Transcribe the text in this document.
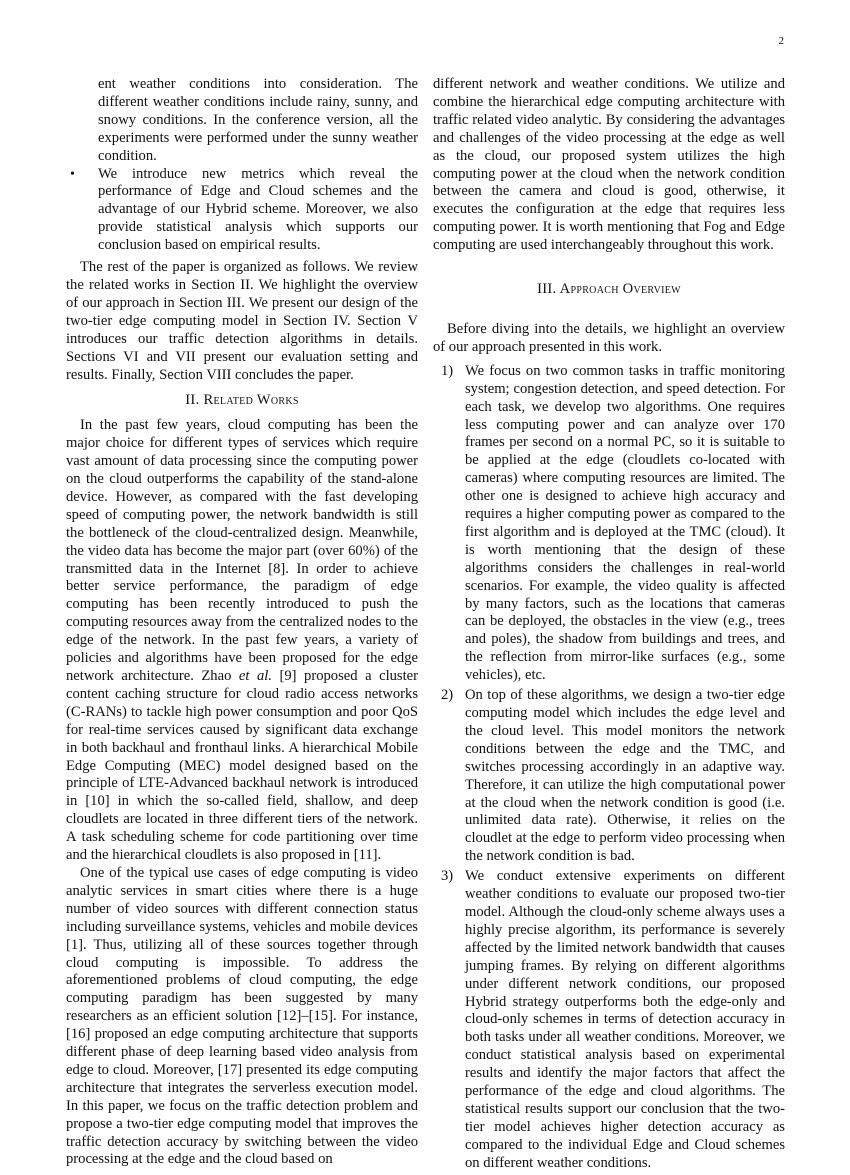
2

ent weather conditions into consideration. The different weather conditions include rainy, sunny, and snowy conditions. In the conference version, all the experiments were performed under the sunny weather condition.

• We introduce new metrics which reveal the performance of Edge and Cloud schemes and the advantage of our Hybrid scheme. Moreover, we also provide statistical analysis which supports our conclusion based on empirical results.

The rest of the paper is organized as follows. We review the related works in Section II. We highlight the overview of our approach in Section III. We present our design of the two-tier edge computing model in Section IV. Section V introduces our traffic detection algorithms in details. Sections VI and VII present our evaluation setting and results. Finally, Section VIII concludes the paper.

II. Related Works

In the past few years, cloud computing has been the major choice for different types of services which require vast amount of data processing since the computing power on the cloud outperforms the capability of the stand-alone device. However, as compared with the fast developing speed of computing power, the network bandwidth is still the bottleneck of the cloud-centralized design. Meanwhile, the video data has become the major part (over 60%) of the transmitted data in the Internet [8]. In order to achieve better service performance, the paradigm of edge computing has been recently introduced to push the computing resources away from the centralized nodes to the edge of the network. In the past few years, a variety of policies and algorithms have been proposed for the edge network architecture. Zhao et al. [9] proposed a cluster content caching structure for cloud radio access networks (C-RANs) to tackle high power consumption and poor QoS for real-time services caused by significant data exchange in both backhaul and fronthaul links. A hierarchical Mobile Edge Computing (MEC) model designed based on the principle of LTE-Advanced backhaul network is introduced in [10] in which the so-called field, shallow, and deep cloudlets are located in three different tiers of the network. A task scheduling scheme for code partitioning over time and the hierarchical cloudlets is also proposed in [11].

One of the typical use cases of edge computing is video analytic services in smart cities where there is a huge number of video sources with different connection status including surveillance systems, vehicles and mobile devices [1]. Thus, utilizing all of these sources together through cloud computing is impossible. To address the aforementioned problems of cloud computing, the edge computing paradigm has been suggested by many researchers as an efficient solution [12]–[15]. For instance, [16] proposed an edge computing architecture that supports different phase of deep learning based video analysis from edge to cloud. Moreover, [17] presented its edge computing architecture that integrates the serverless execution model. In this paper, we focus on the traffic detection problem and propose a two-tier edge computing model that improves the traffic detection accuracy by switching between the video processing at the edge and the cloud based on

different network and weather conditions. We utilize and combine the hierarchical edge computing architecture with traffic related video analytic. By considering the advantages and challenges of the video processing at the edge as well as the cloud, our proposed system utilizes the high computing power at the cloud when the network condition between the camera and cloud is good, otherwise, it executes the configuration at the edge that requires less computing power. It is worth mentioning that Fog and Edge computing are used interchangeably throughout this work.

III. Approach Overview

Before diving into the details, we highlight an overview of our approach presented in this work.

1) We focus on two common tasks in traffic monitoring system; congestion detection, and speed detection. For each task, we develop two algorithms. One requires less computing power and can analyze over 170 frames per second on a normal PC, so it is suitable to be applied at the edge (cloudlets co-located with cameras) where computing resources are limited. The other one is designed to achieve high accuracy and requires a higher computing power as compared to the first algorithm and is deployed at the TMC (cloud). It is worth mentioning that the design of these algorithms considers the challenges in real-world scenarios. For example, the video quality is affected by many factors, such as the locations that cameras can be deployed, the obstacles in the view (e.g., trees and poles), the shadow from buildings and trees, and the reflection from mirror-like surfaces (e.g., some vehicles), etc.
2) On top of these algorithms, we design a two-tier edge computing model which includes the edge level and the cloud level. This model monitors the network conditions between the edge and the TMC, and switches processing accordingly in an adaptive way. Therefore, it can utilize the high computational power at the cloud when the network condition is good (i.e. unlimited data rate). Otherwise, it relies on the cloudlet at the edge to perform video processing when the network condition is bad.
3) We conduct extensive experiments on different weather conditions to evaluate our proposed two-tier model. Although the cloud-only scheme always uses a highly precise algorithm, its performance is severely affected by the limited network bandwidth that causes jumping frames. By relying on different algorithms under different network conditions, our proposed Hybrid strategy outperforms both the edge-only and cloud-only schemes in terms of detection accuracy in both tasks under all weather conditions. Moreover, we conduct statistical analysis based on experimental results and identify the major factors that affect the performance of the edge and cloud algorithms. The statistical results support our conclusion that the two-tier model achieves higher detection accuracy as compared to the individual Edge and Cloud schemes on different weather conditions.
